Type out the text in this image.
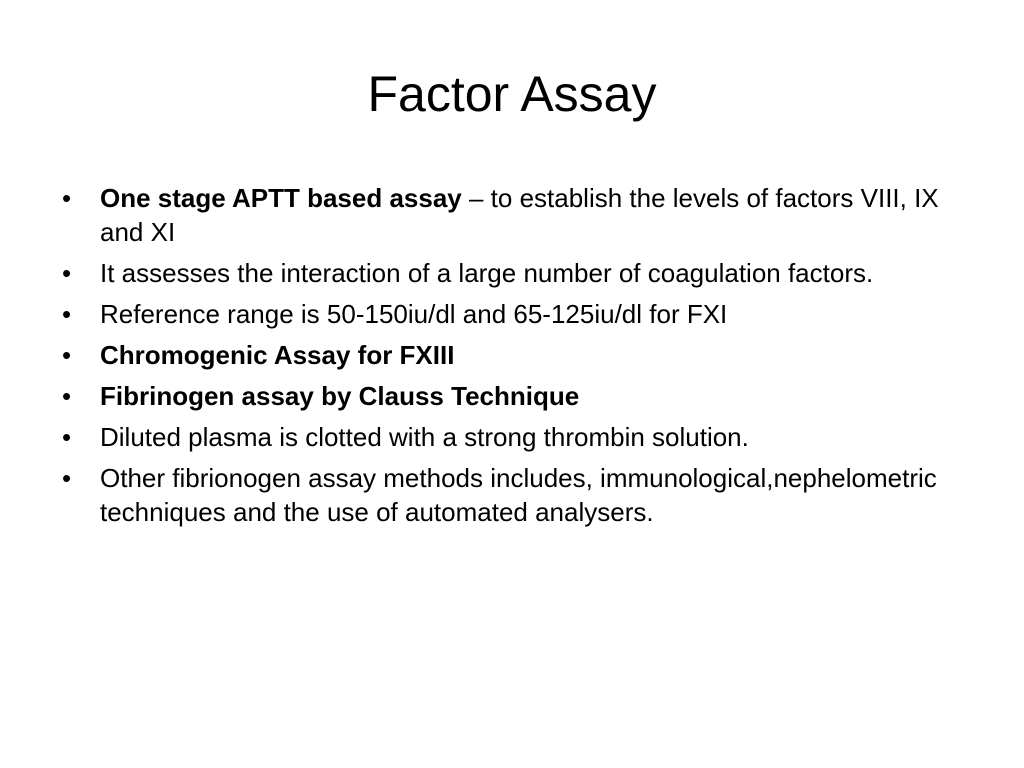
Factor Assay
•	One stage APTT based assay – to establish the levels of factors VIII, IX and XI
•	It assesses the interaction of a large number of coagulation factors.
•	Reference range is 50-150iu/dl and 65-125iu/dl for FXI
•	Chromogenic Assay for FXIII
•	Fibrinogen assay by Clauss Technique
•	Diluted plasma is clotted with a strong thrombin solution.
•	Other fibrionogen assay methods includes, immunological,nephelometric techniques and the use of automated analysers.
